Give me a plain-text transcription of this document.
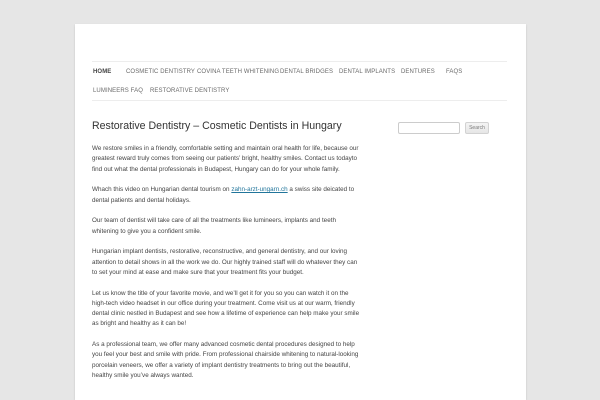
HOME COSMETIC DENTISTRY COVINA TEETH WHITENING DENTAL BRIDGES DENTAL IMPLANTS DENTURES FAQS
LUMINEERS FAQ RESTORATIVE DENTISTRY
Restorative Dentistry – Cosmetic Dentists in Hungary

We restore smiles in a friendly, comfortable setting and maintain oral health for life, because our greatest reward truly comes from seeing our patients’ bright, healthy smiles. Contact us todayto find out what the dental professionals in Budapest, Hungary can do for your whole family.

Whach this video on Hungarian dental tourism on zahn-arzt-ungarn.ch a swiss site deicated to dental patients and dental holidays.

Our team of dentist will take care of all the treatments like lumineers, implants and teeth whitening to give you a confident smile.

Hungarian implant dentists, restorative, reconstructive, and general dentistry, and our loving attention to detail shows in all the work we do. Our highly trained staff will do whatever they can to set your mind at ease and make sure that your treatment fits your budget.

Let us know the title of your favorite movie, and we’ll get it for you so you can watch it on the high-tech video headset in our office during your treatment. Come visit us at our warm, friendly dental clinic nestled in Budapest and see how a lifetime of experience can help make your smile as bright and healthy as it can be!

As a professional team, we offer many advanced cosmetic dental procedures designed to help you feel your best and smile with pride. From professional chairside whitening to natural-looking porcelain veneers, we offer a variety of implant dentistry treatments to bring out the beautiful, healthy smile you’ve always wanted.

Search
